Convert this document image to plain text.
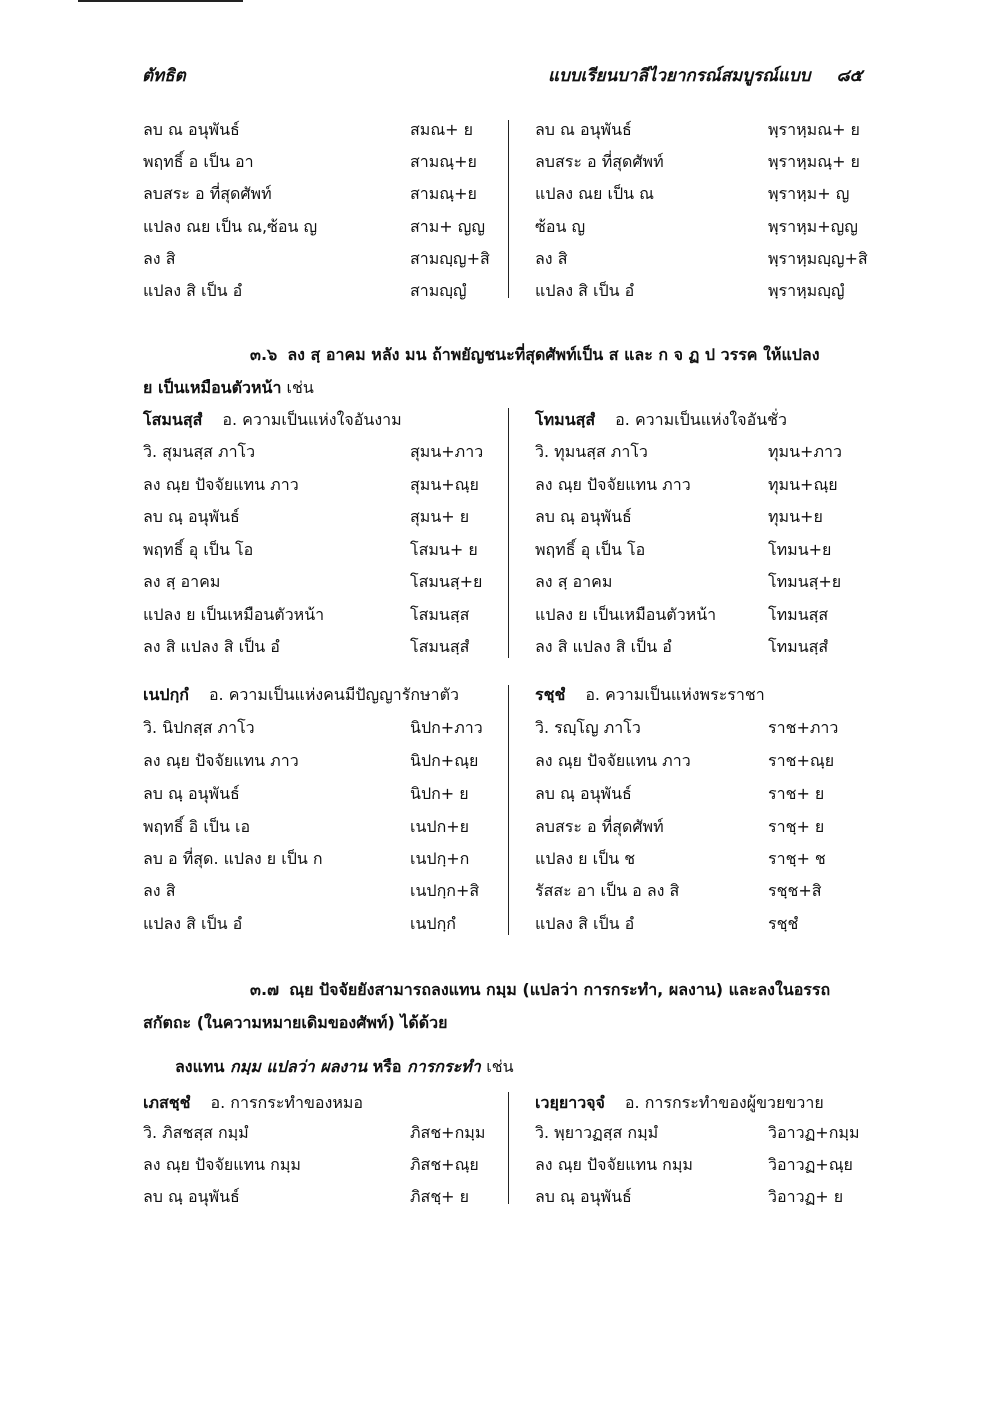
ตัทธิต	แบบเรียนบาลีไวยากรณ์สมบูรณ์แบบ ๘๕
ลบ ณ อนุพันธ์	สมณ+ ย
พฤทธิ์ อ เป็น อา	สามณฺ+ย
ลบสระ อ ที่สุดศัพท์	สามณฺ+ย
แปลง ณย เป็น ณ,ซ้อน ญ	สาม+ ญญ
ลง สิ	สามญฺญ+สิ
แปลง สิ เป็น อํ	สามญฺญํ
ลบ ณ อนุพันธ์	พฺราหฺมณ+ ย
ลบสระ อ ที่สุดศัพท์	พฺราหฺมณฺ+ ย
แปลง ณย เป็น ณ	พฺราหฺม+ ญ
ซ้อน ญ	พฺราหฺม+ญญ
ลง สิ	พฺราหฺมญฺญ+สิ
แปลง สิ เป็น อํ	พฺราหฺมญฺญํ
๓.๖ ลง สฺ อาคม หลัง มน ถ้าพยัญชนะที่สุดศัพท์เป็น ส และ ก จ ฏ ป วรรค ให้แปลง
ย เป็นเหมือนตัวหน้า เช่น
โสมนสฺสํ อ. ความเป็นแห่งใจอันงาม	โทมนสฺสํ อ. ความเป็นแห่งใจอันชั่ว
วิ. สุมนสฺส ภาโว	สุมน+ภาว
ลง ณฺย ปัจจัยแทน ภาว	สุมน+ณฺย
ลบ ณฺ อนุพันธ์	สุมน+ ย
พฤทธิ์ อุ เป็น โอ	โสมน+ ย
ลง สฺ อาคม	โสมนสฺ+ย
แปลง ย เป็นเหมือนตัวหน้า	โสมนสฺส
ลง สิ แปลง สิ เป็น อํ	โสมนสฺสํ
วิ. ทุมนสฺส ภาโว	ทุมน+ภาว
ลง ณฺย ปัจจัยแทน ภาว	ทุมน+ณฺย
ลบ ณฺ อนุพันธ์	ทุมน+ย
พฤทธิ์ อุ เป็น โอ	โทมน+ย
ลง สฺ อาคม	โทมนสฺ+ย
แปลง ย เป็นเหมือนตัวหน้า	โทมนสฺส
ลง สิ แปลง สิ เป็น อํ	โทมนสฺสํ
เนปกฺกํ อ. ความเป็นแห่งคนมีปัญญารักษาตัว	รชฺชํ อ. ความเป็นแห่งพระราชา
วิ. นิปกสฺส ภาโว	นิปก+ภาว
ลง ณฺย ปัจจัยแทน ภาว	นิปก+ณฺย
ลบ ณฺ อนุพันธ์	นิปก+ ย
พฤทธิ์ อิ เป็น เอ	เนปก+ย
ลบ อ ที่สุด. แปลง ย เป็น ก	เนปกฺ+ก
ลง สิ	เนปกฺก+สิ
แปลง สิ เป็น อํ	เนปกฺกํ
วิ. รญฺโญ ภาโว	ราช+ภาว
ลง ณฺย ปัจจัยแทน ภาว	ราช+ณฺย
ลบ ณฺ อนุพันธ์	ราช+ ย
ลบสระ อ ที่สุดศัพท์	ราชฺ+ ย
แปลง ย เป็น ช	ราชฺ+ ช
รัสสะ อา เป็น อ ลง สิ	รชฺช+สิ
แปลง สิ เป็น อํ	รชฺชํ
๓.๗ ณฺย ปัจจัยยังสามารถลงแทน กมฺม (แปลว่า การกระทำ, ผลงาน) และลงในอรรถ
สกัตถะ (ในความหมายเดิมของศัพท์) ได้ด้วย
ลงแทน กมฺม แปลว่า ผลงาน หรือ การกระทำ เช่น
เภสชฺชํ อ. การกระทำของหมอ	เวยฺยาวจฺจํ อ. การกระทำของผู้ขวยขวาย
วิ. ภิสชสฺส กมฺมํ	ภิสช+กมฺม
ลง ณฺย ปัจจัยแทน กมฺม	ภิสช+ณฺย
ลบ ณฺ อนุพันธ์	ภิสชฺ+ ย
วิ. พฺยาวฏสฺส กมฺมํ	วิอาวฏ+กมฺม
ลง ณฺย ปัจจัยแทน กมฺม	วิอาวฏ+ณฺย
ลบ ณฺ อนุพันธ์	วิอาวฏ+ ย
